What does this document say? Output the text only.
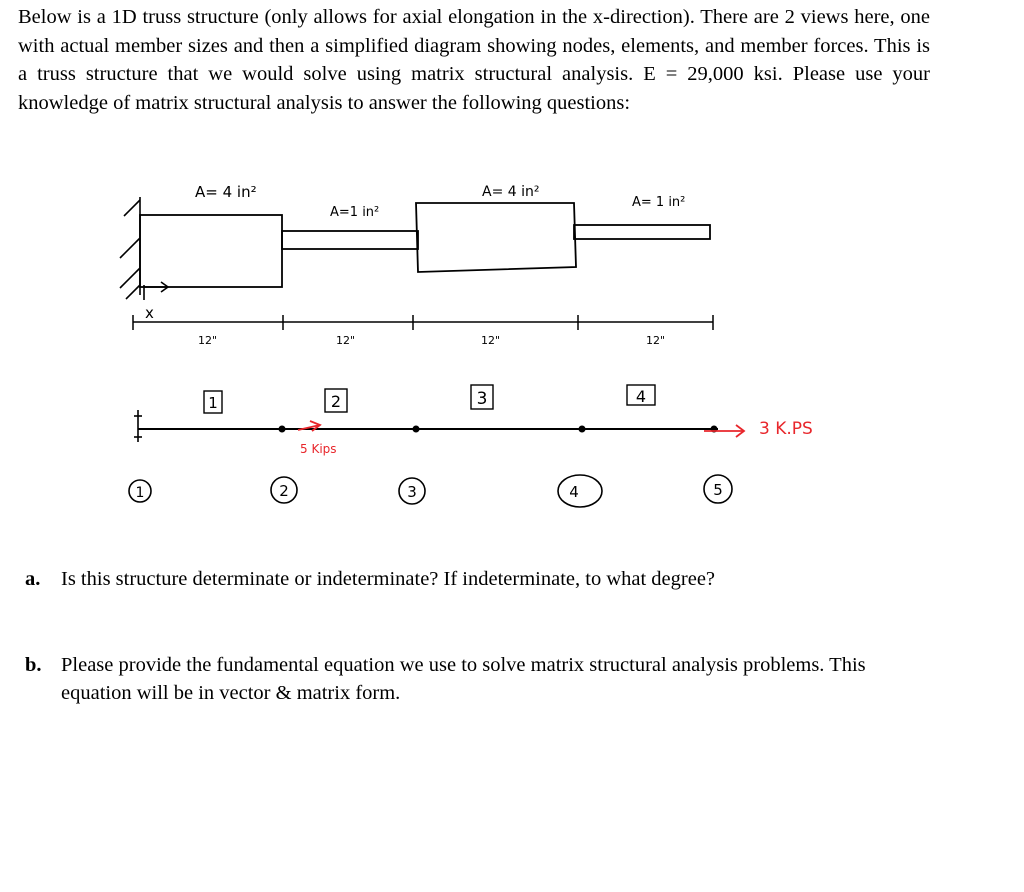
Below is a 1D truss structure (only allows for axial elongation in the x-direction). There are 2 views here, one with actual member sizes and then a simplified diagram showing nodes, elements, and member forces. This is a truss structure that we would solve using matrix structural analysis. E = 29,000 ksi. Please use your knowledge of matrix structural analysis to answer the following questions:

A= 4 in²
A=1 in²
A= 4 in²
A= 1 in²
x
12"	12"	12"	12"
1	2	3	4
5 Kips
3 K.PS
1	2	3	4	5
a. Is this structure determinate or indeterminate? If indeterminate, to what degree?
b. Please provide the fundamental equation we use to solve matrix structural analysis problems. This equation will be in vector & matrix form.
